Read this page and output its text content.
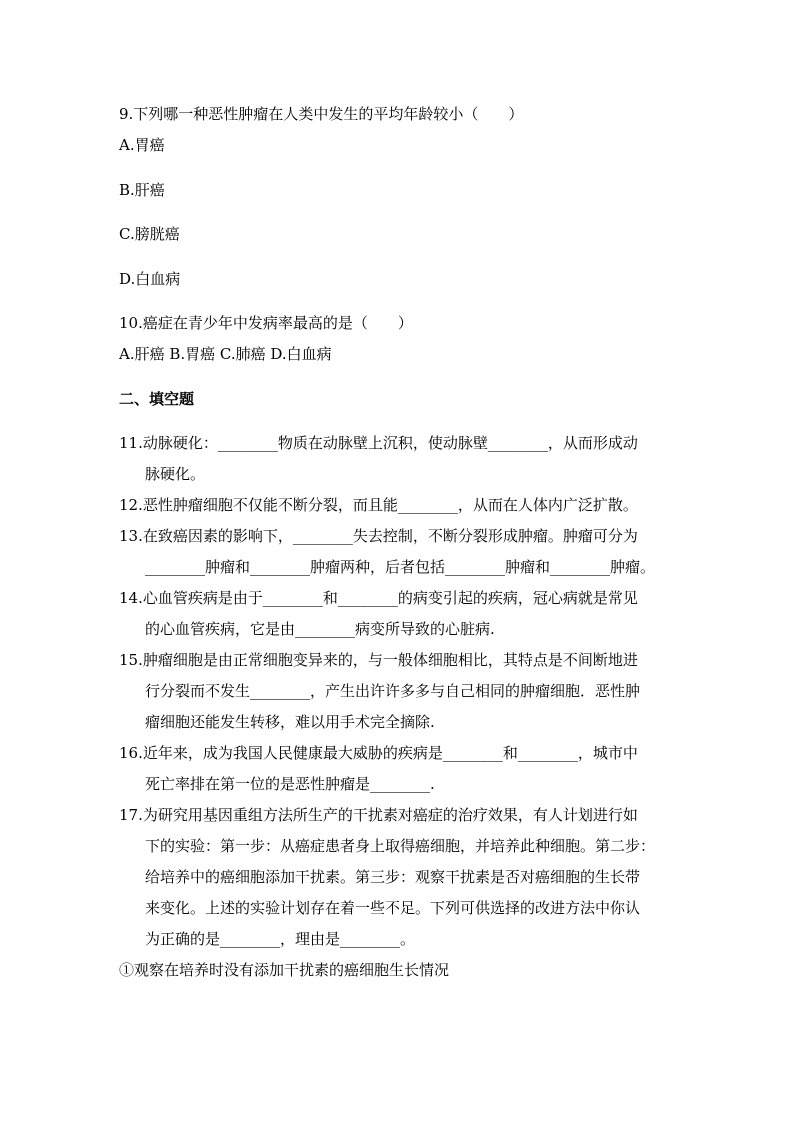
9.下列哪一种恶性肿瘤在人类中发生的平均年龄较小（　　）
A.胃癌
B.肝癌
C.膀胱癌
D.白血病
10.癌症在青少年中发病率最高的是（　　）
A.肝癌 B.胃癌 C.肺癌 D.白血病
二、填空题
11.动脉硬化：________物质在动脉壁上沉积，使动脉壁________，从而形成动
脉硬化。
12.恶性肿瘤细胞不仅能不断分裂，而且能________，从而在人体内广泛扩散。
13.在致癌因素的影响下，________失去控制，不断分裂形成肿瘤。肿瘤可分为
________肿瘤和________肿瘤两种，后者包括________肿瘤和________肿瘤。
14.心血管疾病是由于________和________的病变引起的疾病，冠心病就是常见
的心血管疾病，它是由________病变所导致的心脏病.
15.肿瘤细胞是由正常细胞变异来的，与一般体细胞相比，其特点是不间断地进
行分裂而不发生________，产生出许许多多与自己相同的肿瘤细胞．恶性肿
瘤细胞还能发生转移，难以用手术完全摘除.
16.近年来，成为我国人民健康最大威胁的疾病是________和________，城市中
死亡率排在第一位的是恶性肿瘤是________.
17.为研究用基因重组方法所生产的干扰素对癌症的治疗效果，有人计划进行如
下的实验：第一步：从癌症患者身上取得癌细胞，并培养此种细胞。第二步：
给培养中的癌细胞添加干扰素。第三步：观察干扰素是否对癌细胞的生长带
来变化。上述的实验计划存在着一些不足。下列可供选择的改进方法中你认
为正确的是________，理由是________。
①观察在培养时没有添加干扰素的癌细胞生长情况
